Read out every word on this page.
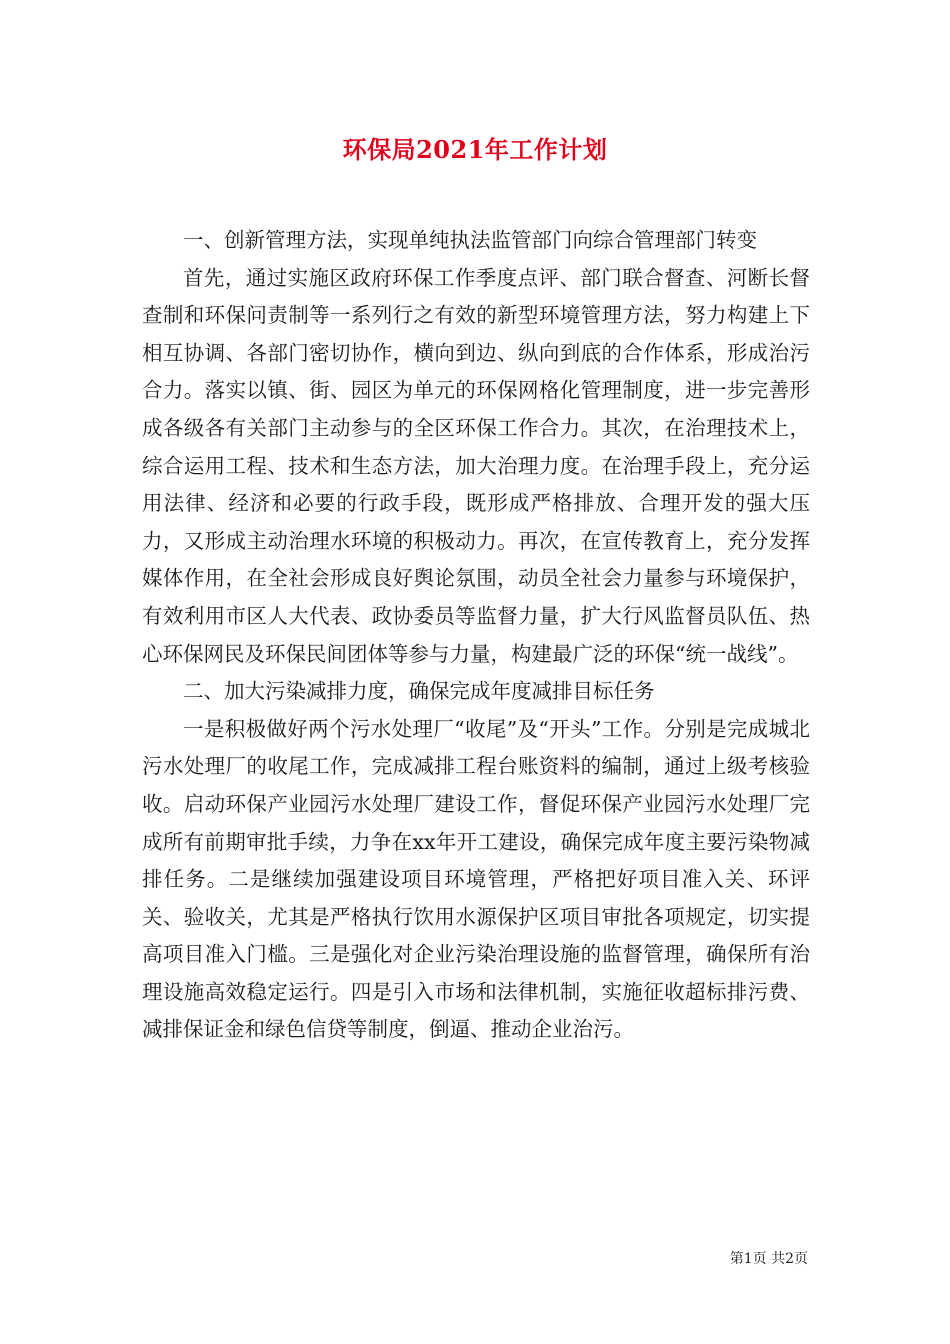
环保局2021年工作计划

一、创新管理方法，实现单纯执法监管部门向综合管理部门转变

首先，通过实施区政府环保工作季度点评、部门联合督查、河断长督查制和环保问责制等一系列行之有效的新型环境管理方法，努力构建上下相互协调、各部门密切协作，横向到边、纵向到底的合作体系，形成治污合力。落实以镇、街、园区为单元的环保网格化管理制度，进一步完善形成各级各有关部门主动参与的全区环保工作合力。其次，在治理技术上，综合运用工程、技术和生态方法，加大治理力度。在治理手段上，充分运用法律、经济和必要的行政手段，既形成严格排放、合理开发的强大压力，又形成主动治理水环境的积极动力。再次，在宣传教育上，充分发挥媒体作用，在全社会形成良好舆论氛围，动员全社会力量参与环境保护，有效利用市区人大代表、政协委员等监督力量，扩大行风监督员队伍、热心环保网民及环保民间团体等参与力量，构建最广泛的环保“统一战线”。

二、加大污染减排力度，确保完成年度减排目标任务

一是积极做好两个污水处理厂“收尾”及“开头”工作。分别是完成城北污水处理厂的收尾工作，完成减排工程台账资料的编制，通过上级考核验收。启动环保产业园污水处理厂建设工作，督促环保产业园污水处理厂完成所有前期审批手续，力争在xx年开工建设，确保完成年度主要污染物减排任务。二是继续加强建设项目环境管理，严格把好项目准入关、环评关、验收关，尤其是严格执行饮用水源保护区项目审批各项规定，切实提高项目准入门槛。三是强化对企业污染治理设施的监督管理，确保所有治理设施高效稳定运行。四是引入市场和法律机制，实施征收超标排污费、减排保证金和绿色信贷等制度，倒逼、推动企业治污。

第1页 共2页
